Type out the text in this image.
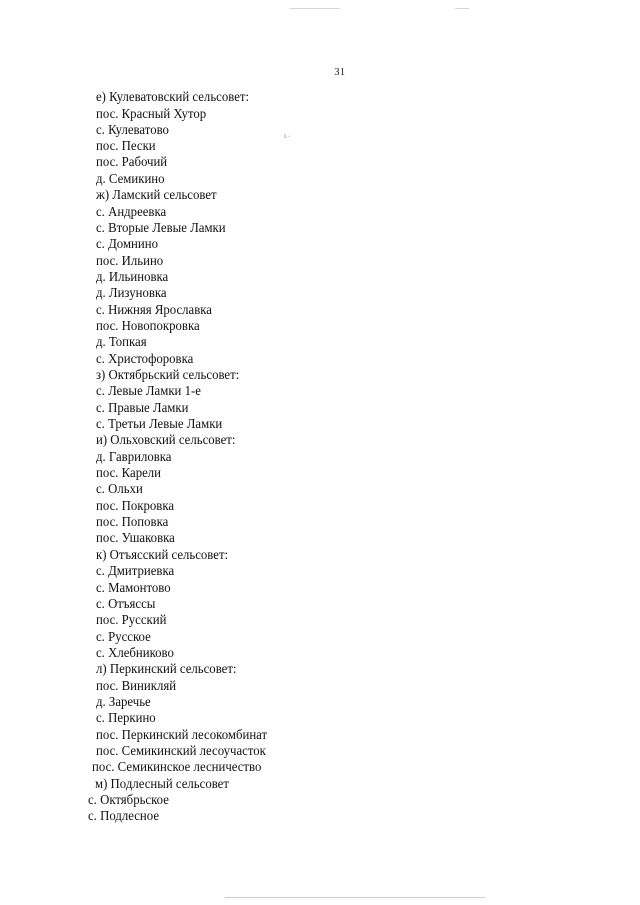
31
I.··
е) Кулеватовский сельсовет:
пос. Красный Хутор
с. Кулеватово
пос. Пески
пос. Рабочий
д. Семикино
ж) Ламский сельсовет
с. Андреевка
с. Вторые Левые Ламки
с. Домнино
пос. Ильино
д. Ильиновка
д. Лизуновка
с. Нижняя Ярославка
пос. Новопокровка
д. Топкая
с. Христофоровка
з) Октябрьский сельсовет:
с. Левые Ламки 1-е
с. Правые Ламки
с. Третьи Левые Ламки
и) Ольховский сельсовет:
д. Гавриловка
пос. Карели
с. Ольхи
пос. Покровка
пос. Поповка
пос. Ушаковка
к) Отъясский сельсовет:
с. Дмитриевка
с. Мамонтово
с. Отъяссы
пос. Русский
с. Русское
с. Хлебниково
л) Перкинский сельсовет:
пос. Виникляй
д. Заречье
с. Перкино
пос. Перкинский лесокомбинат
пос. Семикинский лесоучасток
пос. Семикинское лесничество
м) Подлесный сельсовет
с. Октябрьское
с. Подлесное
